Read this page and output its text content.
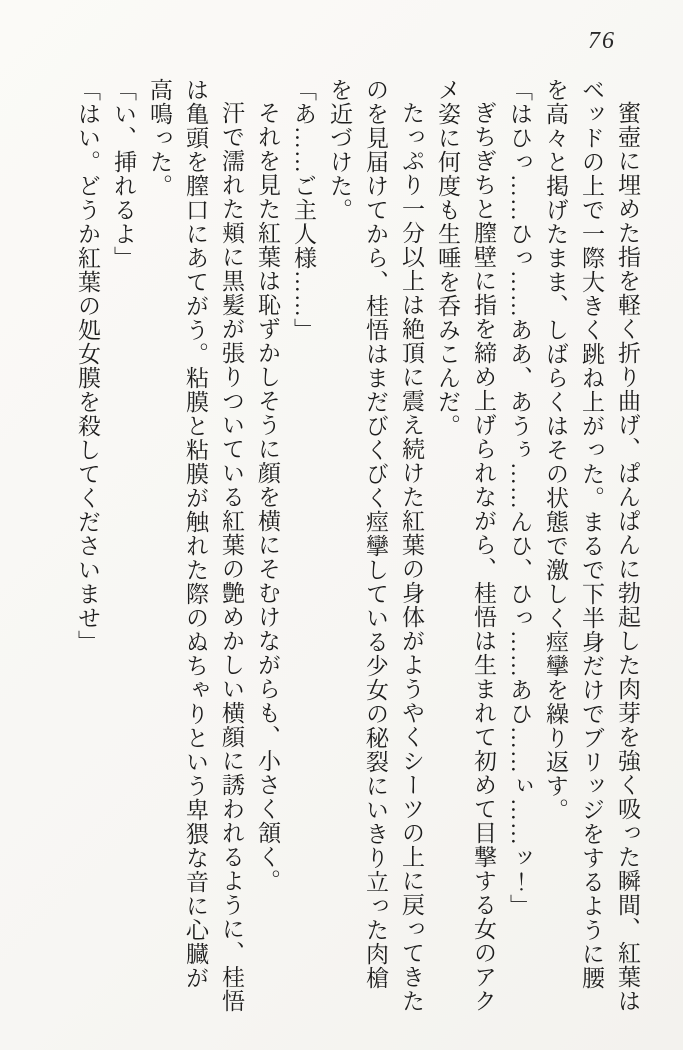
76

蜜壺に埋めた指を軽く折り曲げ、ぱんぱんに勃起した肉芽を強く吸った瞬間、紅葉はベッドの上で一際大きく跳ね上がった。まるで下半身だけでブリッジをするように腰を高々と掲げたまま、しばらくはその状態で激しく痙攣を繰り返す。

「はひっ……ひっ……ああ、あうぅ……んひ、ひっ……あひ……ぃ……ッ！」

ぎちぎちと膣壁に指を締め上げられながら、桂悟は生まれて初めて目撃する女のアクメ姿に何度も生唾を呑みこんだ。

たっぷり一分以上は絶頂に震え続けた紅葉の身体がようやくシーツの上に戻ってきたのを見届けてから、桂悟はまだびくびく痙攣している少女の秘裂にいきり立った肉槍を近づけた。

「あ……ご主人様……」

それを見た紅葉は恥ずかしそうに顔を横にそむけながらも、小さく頷く。

汗で濡れた頬に黒髪が張りついている紅葉の艶めかしい横顔に誘われるように、桂悟は亀頭を膣口にあてがう。粘膜と粘膜が触れた際のぬちゃりという卑猥な音に心臓が高鳴った。

「い、挿れるよ」

「はい。どうか紅葉の処女膜を殺してくださいませ」
